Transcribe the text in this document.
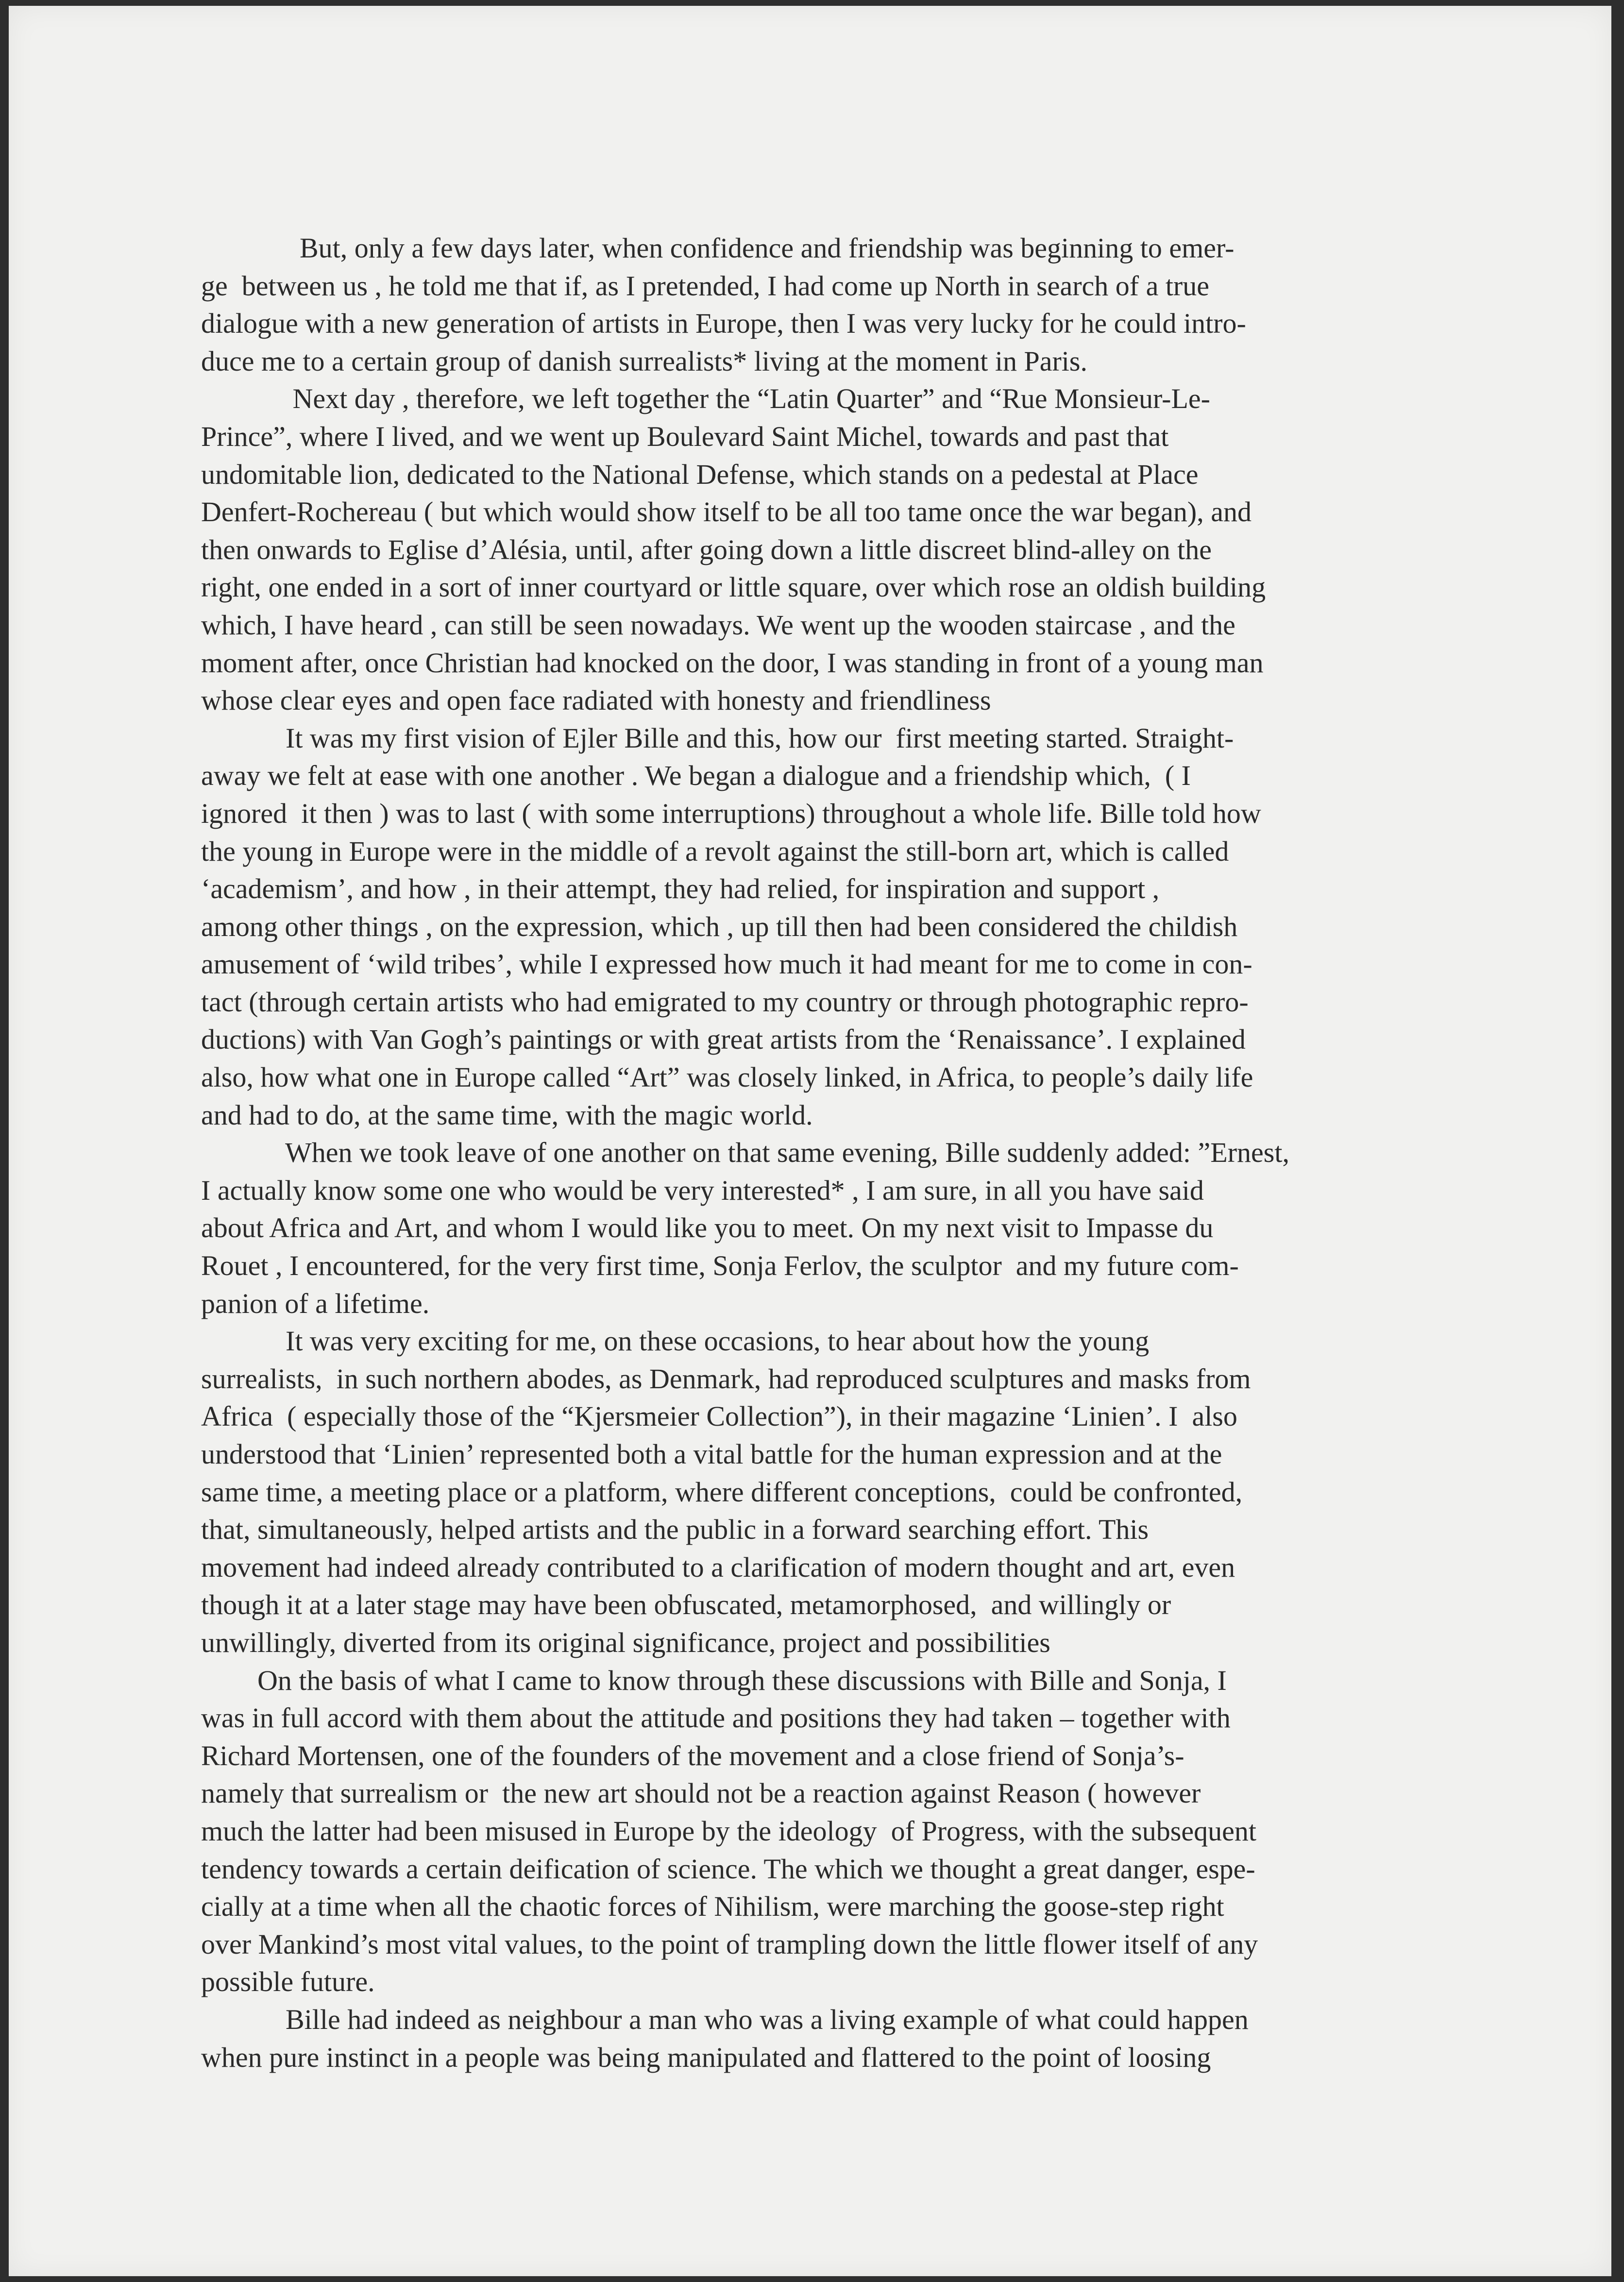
But, only a few days later, when confidence and friendship was beginning to emer-
ge  between us , he told me that if, as I pretended, I had come up North in search of a true
dialogue with a new generation of artists in Europe, then I was very lucky for he could intro-
duce me to a certain group of danish surrealists* living at the moment in Paris.
Next day , therefore, we left together the “Latin Quarter” and “Rue Monsieur-Le-
Prince”, where I lived, and we went up Boulevard Saint Michel, towards and past that
undomitable lion, dedicated to the National Defense, which stands on a pedestal at Place
Denfert-Rochereau ( but which would show itself to be all too tame once the war began), and
then onwards to Eglise d’Alésia, until, after going down a little discreet blind-alley on the
right, one ended in a sort of inner courtyard or little square, over which rose an oldish building
which, I have heard , can still be seen nowadays. We went up the wooden staircase , and the
moment after, once Christian had knocked on the door, I was standing in front of a young man
whose clear eyes and open face radiated with honesty and friendliness
It was my first vision of Ejler Bille and this, how our  first meeting started. Straight-
away we felt at ease with one another . We began a dialogue and a friendship which,  ( I
ignored  it then ) was to last ( with some interruptions) throughout a whole life. Bille told how
the young in Europe were in the middle of a revolt against the still-born art, which is called
‘academism’, and how , in their attempt, they had relied, for inspiration and support ,
among other things , on the expression, which , up till then had been considered the childish
amusement of ‘wild tribes’, while I expressed how much it had meant for me to come in con-
tact (through certain artists who had emigrated to my country or through photographic repro-
ductions) with Van Gogh’s paintings or with great artists from the ‘Renaissance’. I explained
also, how what one in Europe called “Art” was closely linked, in Africa, to people’s daily life
and had to do, at the same time, with the magic world.
When we took leave of one another on that same evening, Bille suddenly added: ”Ernest,
I actually know some one who would be very interested* , I am sure, in all you have said
about Africa and Art, and whom I would like you to meet. On my next visit to Impasse du
Rouet , I encountered, for the very first time, Sonja Ferlov, the sculptor  and my future com-
panion of a lifetime.
It was very exciting for me, on these occasions, to hear about how the young
surrealists,  in such northern abodes, as Denmark, had reproduced sculptures and masks from
Africa  ( especially those of the “Kjersmeier Collection”), in their magazine ‘Linien’. I  also
understood that ‘Linien’ represented both a vital battle for the human expression and at the
same time, a meeting place or a platform, where different conceptions,  could be confronted,
that, simultaneously, helped artists and the public in a forward searching effort. This
movement had indeed already contributed to a clarification of modern thought and art, even
though it at a later stage may have been obfuscated, metamorphosed,  and willingly or
unwillingly, diverted from its original significance, project and possibilities
On the basis of what I came to know through these discussions with Bille and Sonja, I
was in full accord with them about the attitude and positions they had taken – together with
Richard Mortensen, one of the founders of the movement and a close friend of Sonja’s-
namely that surrealism or  the new art should not be a reaction against Reason ( however
much the latter had been misused in Europe by the ideology  of Progress, with the subsequent
tendency towards a certain deification of science. The which we thought a great danger, espe-
cially at a time when all the chaotic forces of Nihilism, were marching the goose-step right
over Mankind’s most vital values, to the point of trampling down the little flower itself of any
possible future.
Bille had indeed as neighbour a man who was a living example of what could happen
when pure instinct in a people was being manipulated and flattered to the point of loosing
